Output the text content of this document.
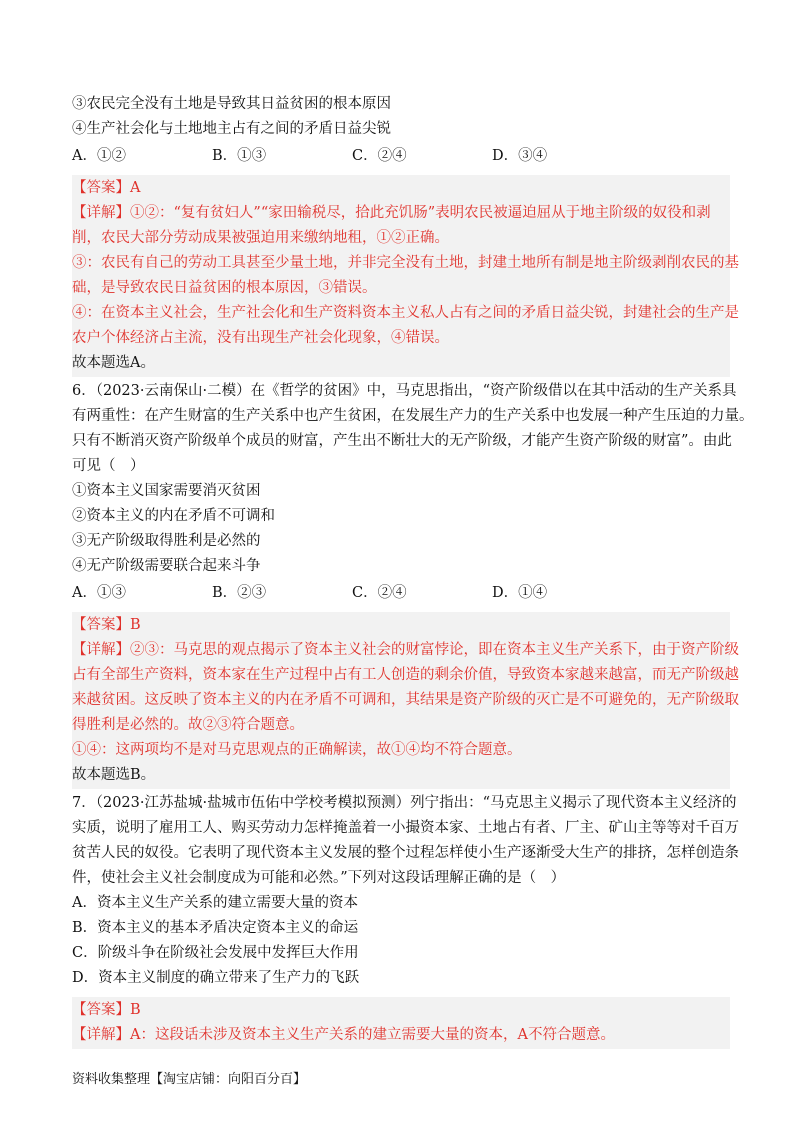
③农民完全没有土地是导致其日益贫困的根本原因
④生产社会化与土地地主占有之间的矛盾日益尖锐
A．①②	B．①③	C．②④	D．③④
【答案】A
【详解】①②：“复有贫妇人”“家田输税尽，拾此充饥肠”表明农民被逼迫屈从于地主阶级的奴役和剥
削，农民大部分劳动成果被强迫用来缴纳地租，①②正确。
③：农民有自己的劳动工具甚至少量土地，并非完全没有土地，封建土地所有制是地主阶级剥削农民的基
础，是导致农民日益贫困的根本原因，③错误。
④：在资本主义社会，生产社会化和生产资料资本主义私人占有之间的矛盾日益尖锐，封建社会的生产是
农户个体经济占主流，没有出现生产社会化现象，④错误。
故本题选A。
6．（2023·云南保山·二模）在《哲学的贫困》中，马克思指出，“资产阶级借以在其中活动的生产关系具
有两重性：在产生财富的生产关系中也产生贫困，在发展生产力的生产关系中也发展一种产生压迫的力量。
只有不断消灭资产阶级单个成员的财富，产生出不断壮大的无产阶级，才能产生资产阶级的财富”。由此
可见（　）
①资本主义国家需要消灭贫困
②资本主义的内在矛盾不可调和
③无产阶级取得胜利是必然的
④无产阶级需要联合起来斗争
A．①③	B．②③	C．②④	D．①④
【答案】B
【详解】②③：马克思的观点揭示了资本主义社会的财富悖论，即在资本主义生产关系下，由于资产阶级
占有全部生产资料，资本家在生产过程中占有工人创造的剩余价值，导致资本家越来越富，而无产阶级越
来越贫困。这反映了资本主义的内在矛盾不可调和，其结果是资产阶级的灭亡是不可避免的，无产阶级取
得胜利是必然的。故②③符合题意。
①④：这两项均不是对马克思观点的正确解读，故①④均不符合题意。
故本题选B。
7．（2023·江苏盐城·盐城市伍佑中学校考模拟预测）列宁指出：“马克思主义揭示了现代资本主义经济的
实质，说明了雇用工人、购买劳动力怎样掩盖着一小撮资本家、土地占有者、厂主、矿山主等等对千百万
贫苦人民的奴役。它表明了现代资本主义发展的整个过程怎样使小生产逐渐受大生产的排挤，怎样创造条
件，使社会主义社会制度成为可能和必然。”下列对这段话理解正确的是（　）
A．资本主义生产关系的建立需要大量的资本
B．资本主义的基本矛盾决定资本主义的命运
C．阶级斗争在阶级社会发展中发挥巨大作用
D．资本主义制度的确立带来了生产力的飞跃
【答案】B
【详解】A：这段话未涉及资本主义生产关系的建立需要大量的资本，A不符合题意。
资料收集整理【淘宝店铺：向阳百分百】
